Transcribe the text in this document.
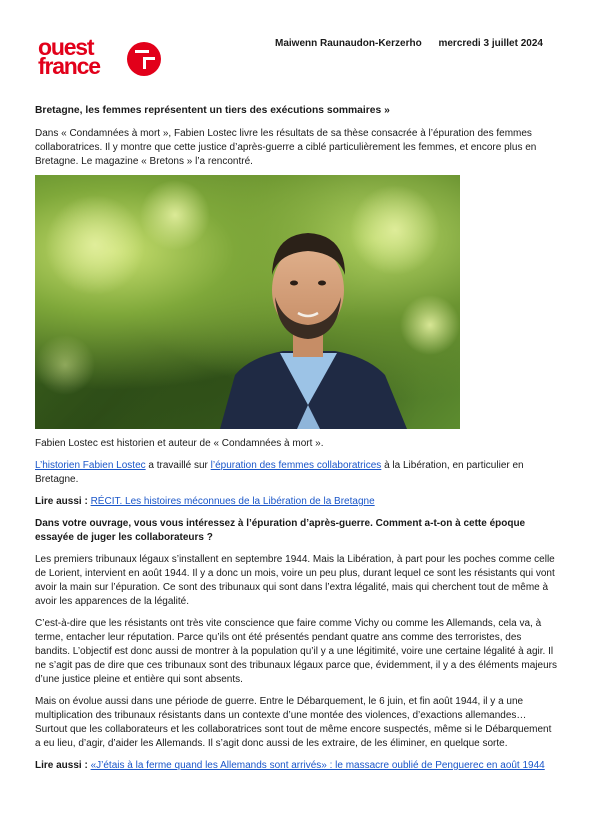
ouest
france
Maiwenn Raunaudon-Kerzerho mercredi 3 juillet 2024
Bretagne, les femmes représentent un tiers des exécutions sommaires »

Dans « Condamnées à mort », Fabien Lostec livre les résultats de sa thèse consacrée à l’épuration des femmes collaboratrices. Il y montre que cette justice d’après-guerre a ciblé particulièrement les femmes, et encore plus en Bretagne. Le magazine « Bretons » l’a rencontré.

Fabien Lostec est historien et auteur de « Condamnées à mort ».

L’historien Fabien Lostec a travaillé sur l’épuration des femmes collaboratrices à la Libération, en particulier en Bretagne.

Lire aussi : RÉCIT. Les histoires méconnues de la Libération de la Bretagne

Dans votre ouvrage, vous vous intéressez à l’épuration d’après-guerre. Comment a-t-on à cette époque essayée de juger les collaborateurs ?

Les premiers tribunaux légaux s’installent en septembre 1944. Mais la Libération, à part pour les poches comme celle de Lorient, intervient en août 1944. Il y a donc un mois, voire un peu plus, durant lequel ce sont les résistants qui vont avoir la main sur l’épuration. Ce sont des tribunaux qui sont dans l’extra légalité, mais qui cherchent tout de même à avoir les apparences de la légalité.

C’est-à-dire que les résistants ont très vite conscience que faire comme Vichy ou comme les Allemands, cela va, à terme, entacher leur réputation. Parce qu’ils ont été présentés pendant quatre ans comme des terroristes, des bandits. L’objectif est donc aussi de montrer à la population qu’il y a une légitimité, voire une certaine légalité à agir. Il ne s’agit pas de dire que ces tribunaux sont des tribunaux légaux parce que, évidemment, il y a des éléments majeurs d’une justice pleine et entière qui sont absents.

Mais on évolue aussi dans une période de guerre. Entre le Débarquement, le 6 juin, et fin août 1944, il y a une multiplication des tribunaux résistants dans un contexte d’une montée des violences, d’exactions allemandes… Surtout que les collaborateurs et les collaboratrices sont tout de même encore suspectés, même si le Débarquement a eu lieu, d’agir, d’aider les Allemands. Il s’agit donc aussi de les extraire, de les éliminer, en quelque sorte.

Lire aussi : «J’étais à la ferme quand les Allemands sont arrivés» : le massacre oublié de Penguerec en août 1944
